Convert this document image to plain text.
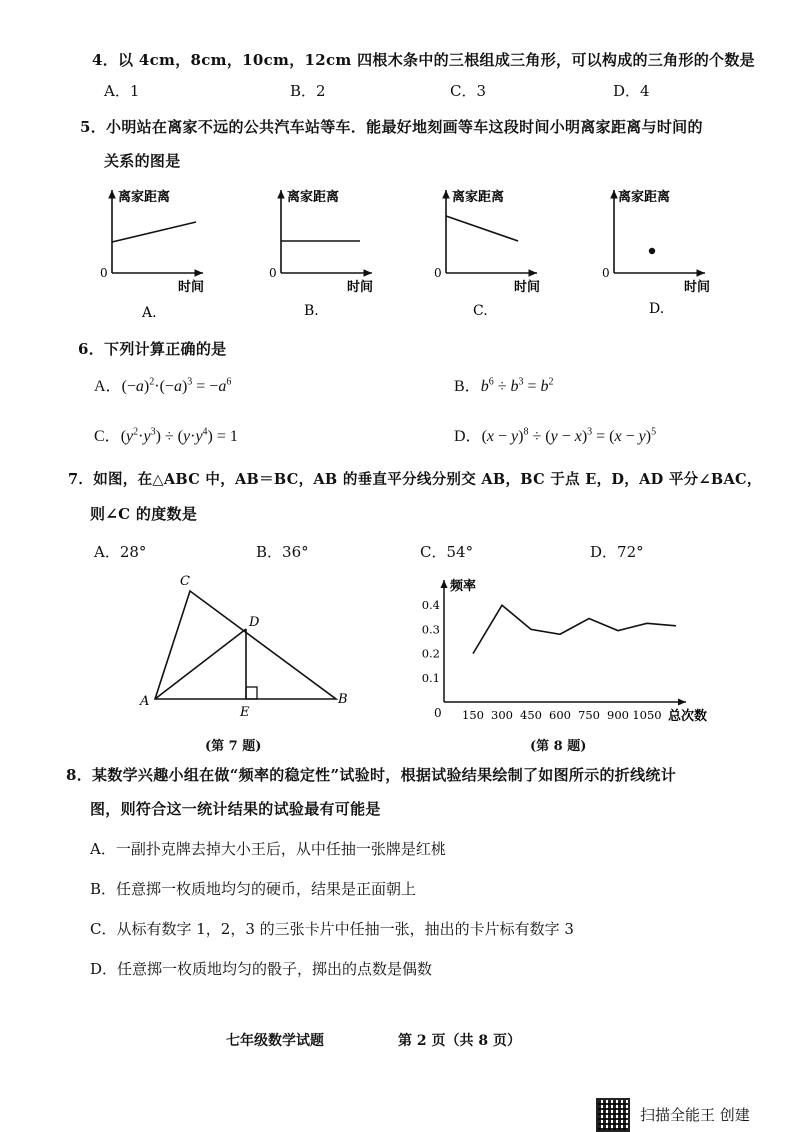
4．以 4cm，8cm，10cm，12cm 四根木条中的三根组成三角形，可以构成的三角形的个数是
A．1	B．2	C．3	D．4
5．小明站在离家不远的公共汽车站等车．能最好地刻画等车这段时间小明离家距离与时间的
关系的图是
离家距离
时间
0
A.
离家距离
时间
0
B.
离家距离
时间
0
C.
离家距离
时间
0
D.
6．下列计算正确的是
A．$(-a)^2\cdot(-a)^3 = -a^6$	B．$b^6 \div b^3 = b^2$
C．$(y^2\cdot y^3) \div (y\cdot y^4) = 1$	D．$(x - y)^8 \div (y - x)^3 = (x - y)^5$
7．如图，在△ABC 中，AB＝BC，AB 的垂直平分线分别交 AB，BC 于点 E，D，AD 平分∠BAC，
则∠C 的度数是
A．28°	B．36°	C．54°	D．72°
C
D
A	B
E
(第 7 题)
频率
总次数
0 150 300 450 600 750 900 1050
0.1
0.2
0.3
0.4
(第 8 题)
8．某数学兴趣小组在做“频率的稳定性”试验时，根据试验结果绘制了如图所示的折线统计
图，则符合这一统计结果的试验最有可能是
A．一副扑克牌去掉大小王后，从中任抽一张牌是红桃
B．任意掷一枚质地均匀的硬币，结果是正面朝上
C．从标有数字 1，2，3 的三张卡片中任抽一张，抽出的卡片标有数字 3
D．任意掷一枚质地均匀的骰子，掷出的点数是偶数
七年级数学试题	第 2 页（共 8 页）
扫描全能王 创建
